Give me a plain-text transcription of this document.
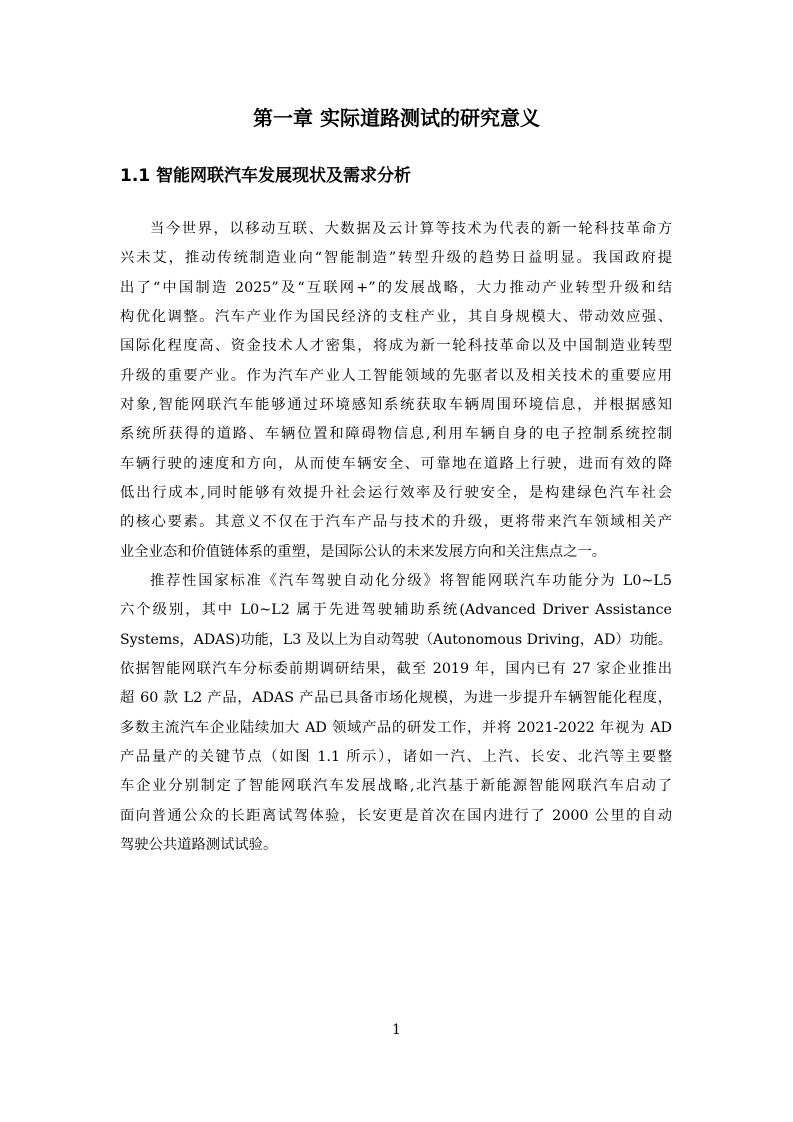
第一章 实际道路测试的研究意义
1.1 智能网联汽车发展现状及需求分析
当今世界，以移动互联、大数据及云计算等技术为代表的新一轮科技革命方
兴未艾，推动传统制造业向“智能制造”转型升级的趋势日益明显。我国政府提
出了“中国制造 2025”及“互联网+”的发展战略，大力推动产业转型升级和结
构优化调整。汽车产业作为国民经济的支柱产业，其自身规模大、带动效应强、
国际化程度高、资金技术人才密集，将成为新一轮科技革命以及中国制造业转型
升级的重要产业。作为汽车产业人工智能领域的先驱者以及相关技术的重要应用
对象,智能网联汽车能够通过环境感知系统获取车辆周围环境信息，并根据感知
系统所获得的道路、车辆位置和障碍物信息,利用车辆自身的电子控制系统控制
车辆行驶的速度和方向，从而使车辆安全、可靠地在道路上行驶，进而有效的降
低出行成本,同时能够有效提升社会运行效率及行驶安全，是构建绿色汽车社会
的核心要素。其意义不仅在于汽车产品与技术的升级，更将带来汽车领域相关产
业全业态和价值链体系的重塑，是国际公认的未来发展方向和关注焦点之一。
推荐性国家标准《汽车驾驶自动化分级》将智能网联汽车功能分为 L0~L5
六个级别，其中 L0~L2 属于先进驾驶辅助系统(Advanced Driver Assistance
Systems，ADAS)功能，L3 及以上为自动驾驶（Autonomous Driving，AD）功能。
依据智能网联汽车分标委前期调研结果，截至 2019 年，国内已有 27 家企业推出
超 60 款 L2 产品，ADAS 产品已具备市场化规模，为进一步提升车辆智能化程度，
多数主流汽车企业陆续加大 AD 领域产品的研发工作，并将 2021-2022 年视为 AD
产品量产的关键节点（如图 1.1 所示），诸如一汽、上汽、长安、北汽等主要整
车企业分别制定了智能网联汽车发展战略,北汽基于新能源智能网联汽车启动了
面向普通公众的长距离试驾体验，长安更是首次在国内进行了 2000 公里的自动
驾驶公共道路测试试验。
1
